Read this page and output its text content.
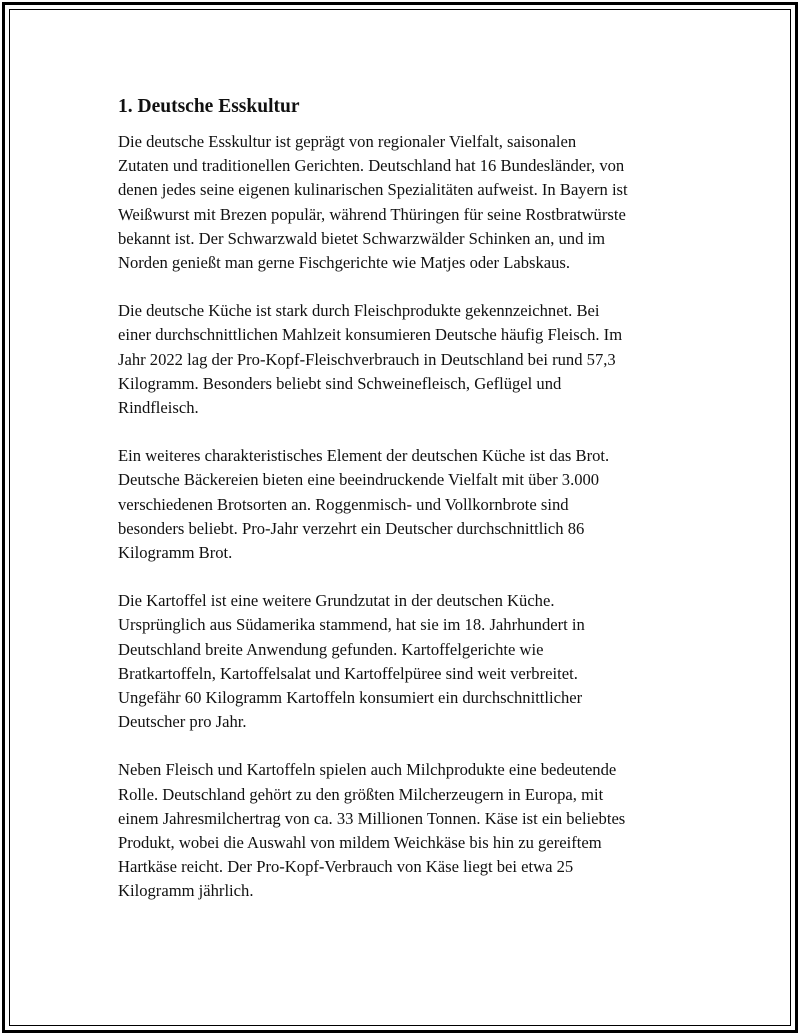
1. Deutsche Esskultur

Die deutsche Esskultur ist geprägt von regionaler Vielfalt, saisonalen
Zutaten und traditionellen Gerichten. Deutschland hat 16 Bundesländer, von
denen jedes seine eigenen kulinarischen Spezialitäten aufweist. In Bayern ist
Weißwurst mit Brezen populär, während Thüringen für seine Rostbratwürste
bekannt ist. Der Schwarzwald bietet Schwarzwälder Schinken an, und im
Norden genießt man gerne Fischgerichte wie Matjes oder Labskaus.

Die deutsche Küche ist stark durch Fleischprodukte gekennzeichnet. Bei
einer durchschnittlichen Mahlzeit konsumieren Deutsche häufig Fleisch. Im
Jahr 2022 lag der Pro-Kopf-Fleischverbrauch in Deutschland bei rund 57,3
Kilogramm. Besonders beliebt sind Schweinefleisch, Geflügel und
Rindfleisch.

Ein weiteres charakteristisches Element der deutschen Küche ist das Brot.
Deutsche Bäckereien bieten eine beeindruckende Vielfalt mit über 3.000
verschiedenen Brotsorten an. Roggenmisch- und Vollkornbrote sind
besonders beliebt. Pro-Jahr verzehrt ein Deutscher durchschnittlich 86
Kilogramm Brot.

Die Kartoffel ist eine weitere Grundzutat in der deutschen Küche.
Ursprünglich aus Südamerika stammend, hat sie im 18. Jahrhundert in
Deutschland breite Anwendung gefunden. Kartoffelgerichte wie
Bratkartoffeln, Kartoffelsalat und Kartoffelpüree sind weit verbreitet.
Ungefähr 60 Kilogramm Kartoffeln konsumiert ein durchschnittlicher
Deutscher pro Jahr.

Neben Fleisch und Kartoffeln spielen auch Milchprodukte eine bedeutende
Rolle. Deutschland gehört zu den größten Milcherzeugern in Europa, mit
einem Jahresmilchertrag von ca. 33 Millionen Tonnen. Käse ist ein beliebtes
Produkt, wobei die Auswahl von mildem Weichkäse bis hin zu gereiftem
Hartkäse reicht. Der Pro-Kopf-Verbrauch von Käse liegt bei etwa 25
Kilogramm jährlich.
